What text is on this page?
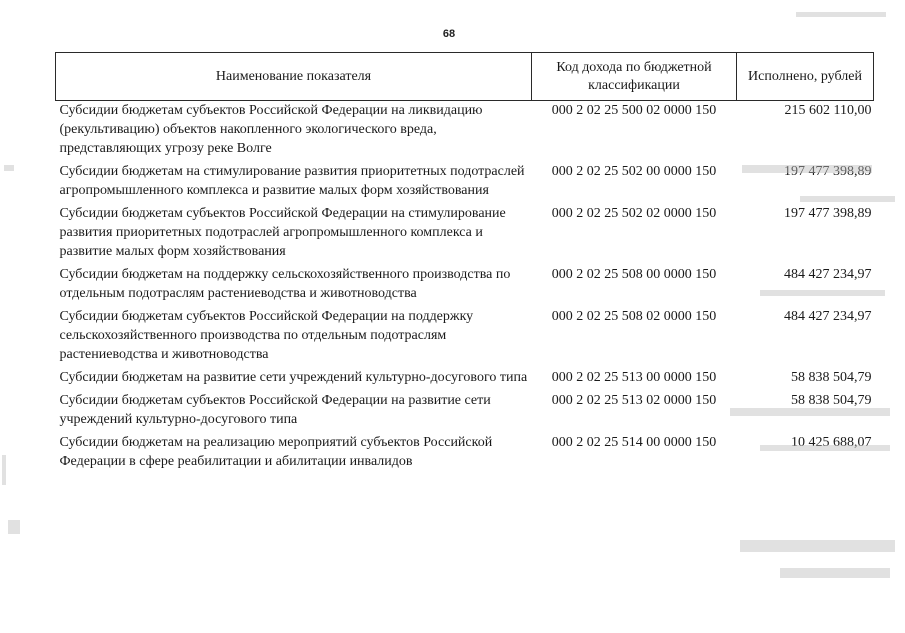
68
Наименование показателя	Код дохода по бюджетной классификации	Исполнено, рублей
Субсидии бюджетам субъектов Российской Федерации на ликвидацию (рекультивацию) объектов накопленного экологического вреда, представляющих угрозу реке Волге	000 2 02 25 500 02 0000 150	215 602 110,00
Субсидии бюджетам на стимулирование развития приоритетных подотраслей агропромышленного комплекса и развитие малых форм хозяйствования	000 2 02 25 502 00 0000 150	197 477 398,89
Субсидии бюджетам субъектов Российской Федерации на стимулирование развития приоритетных подотраслей агропромышленного комплекса и развитие малых форм хозяйствования	000 2 02 25 502 02 0000 150	197 477 398,89
Субсидии бюджетам на поддержку сельскохозяйственного производства по отдельным подотраслям растениеводства и животноводства	000 2 02 25 508 00 0000 150	484 427 234,97
Субсидии бюджетам субъектов Российской Федерации на поддержку сельскохозяйственного производства по отдельным подотраслям растениеводства и животноводства	000 2 02 25 508 02 0000 150	484 427 234,97
Субсидии бюджетам на развитие сети учреждений культурно-досугового типа	000 2 02 25 513 00 0000 150	58 838 504,79
Субсидии бюджетам субъектов Российской Федерации на развитие сети учреждений культурно-досугового типа	000 2 02 25 513 02 0000 150	58 838 504,79
Субсидии бюджетам на реализацию мероприятий субъектов Российской Федерации в сфере реабилитации и абилитации инвалидов	000 2 02 25 514 00 0000 150	10 425 688,07
